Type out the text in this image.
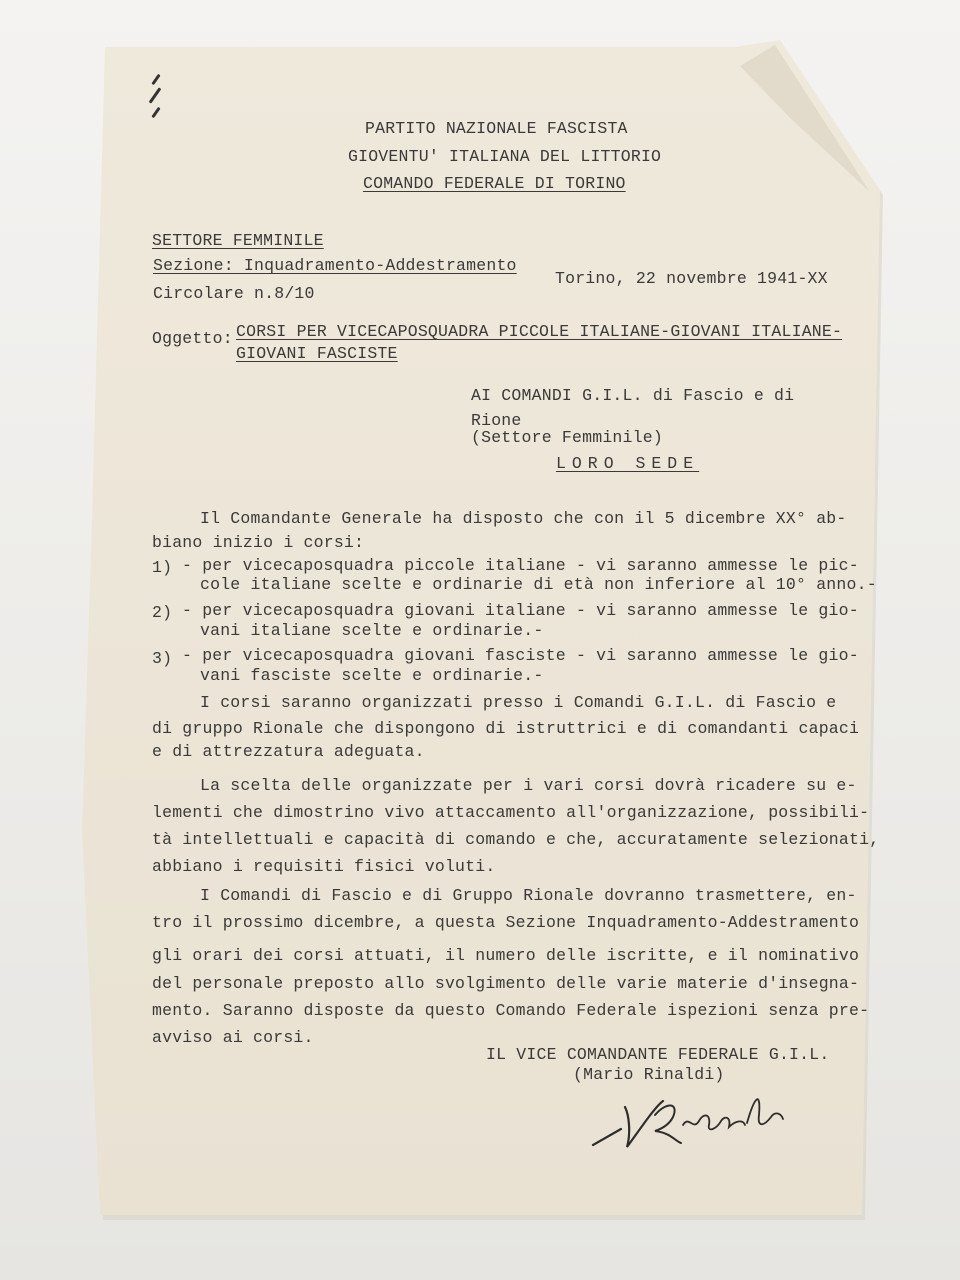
PARTITO NAZIONALE FASCISTA
GIOVENTU' ITALIANA DEL LITTORIO
COMANDO FEDERALE DI TORINO
SETTORE FEMMINILE
Sezione: Inquadramento-Addestramento
Circolare n.8/10
Torino, 22 novembre 1941-XX
Oggetto: CORSI PER VICECAPOSQUADRA PICCOLE ITALIANE-GIOVANI ITALIANE-
GIOVANI FASCISTE
AI COMANDI G.I.L. di Fascio e di
Rione
(Settore Femminile)
LORO SEDE
Il Comandante Generale ha disposto che con il 5 dicembre XX° ab-
biano inizio i corsi:
1) - per vicecaposquadra piccole italiane - vi saranno ammesse le pic-
cole italiane scelte e ordinarie di età non inferiore al 10° anno.-
2) - per vicecaposquadra giovani italiane - vi saranno ammesse le gio-
vani italiane scelte e ordinarie.-
3) - per vicecaposquadra giovani fasciste - vi saranno ammesse le gio-
vani fasciste scelte e ordinarie.-
I corsi saranno organizzati presso i Comandi G.I.L. di Fascio e
di gruppo Rionale che dispongono di istruttrici e di comandanti capaci
e di attrezzatura adeguata.
La scelta delle organizzate per i vari corsi dovrà ricadere su e-
lementi che dimostrino vivo attaccamento all'organizzazione, possibili-
tà intellettuali e capacità di comando e che, accuratamente selezionati,
abbiano i requisiti fisici voluti.
I Comandi di Fascio e di Gruppo Rionale dovranno trasmettere, en-
tro il prossimo dicembre, a questa Sezione Inquadramento-Addestramento
gli orari dei corsi attuati, il numero delle iscritte, e il nominativo
del personale preposto allo svolgimento delle varie materie d'insegna-
mento. Saranno disposte da questo Comando Federale ispezioni senza pre-
avviso ai corsi.
IL VICE COMANDANTE FEDERALE G.I.L.
(Mario Rinaldi)
